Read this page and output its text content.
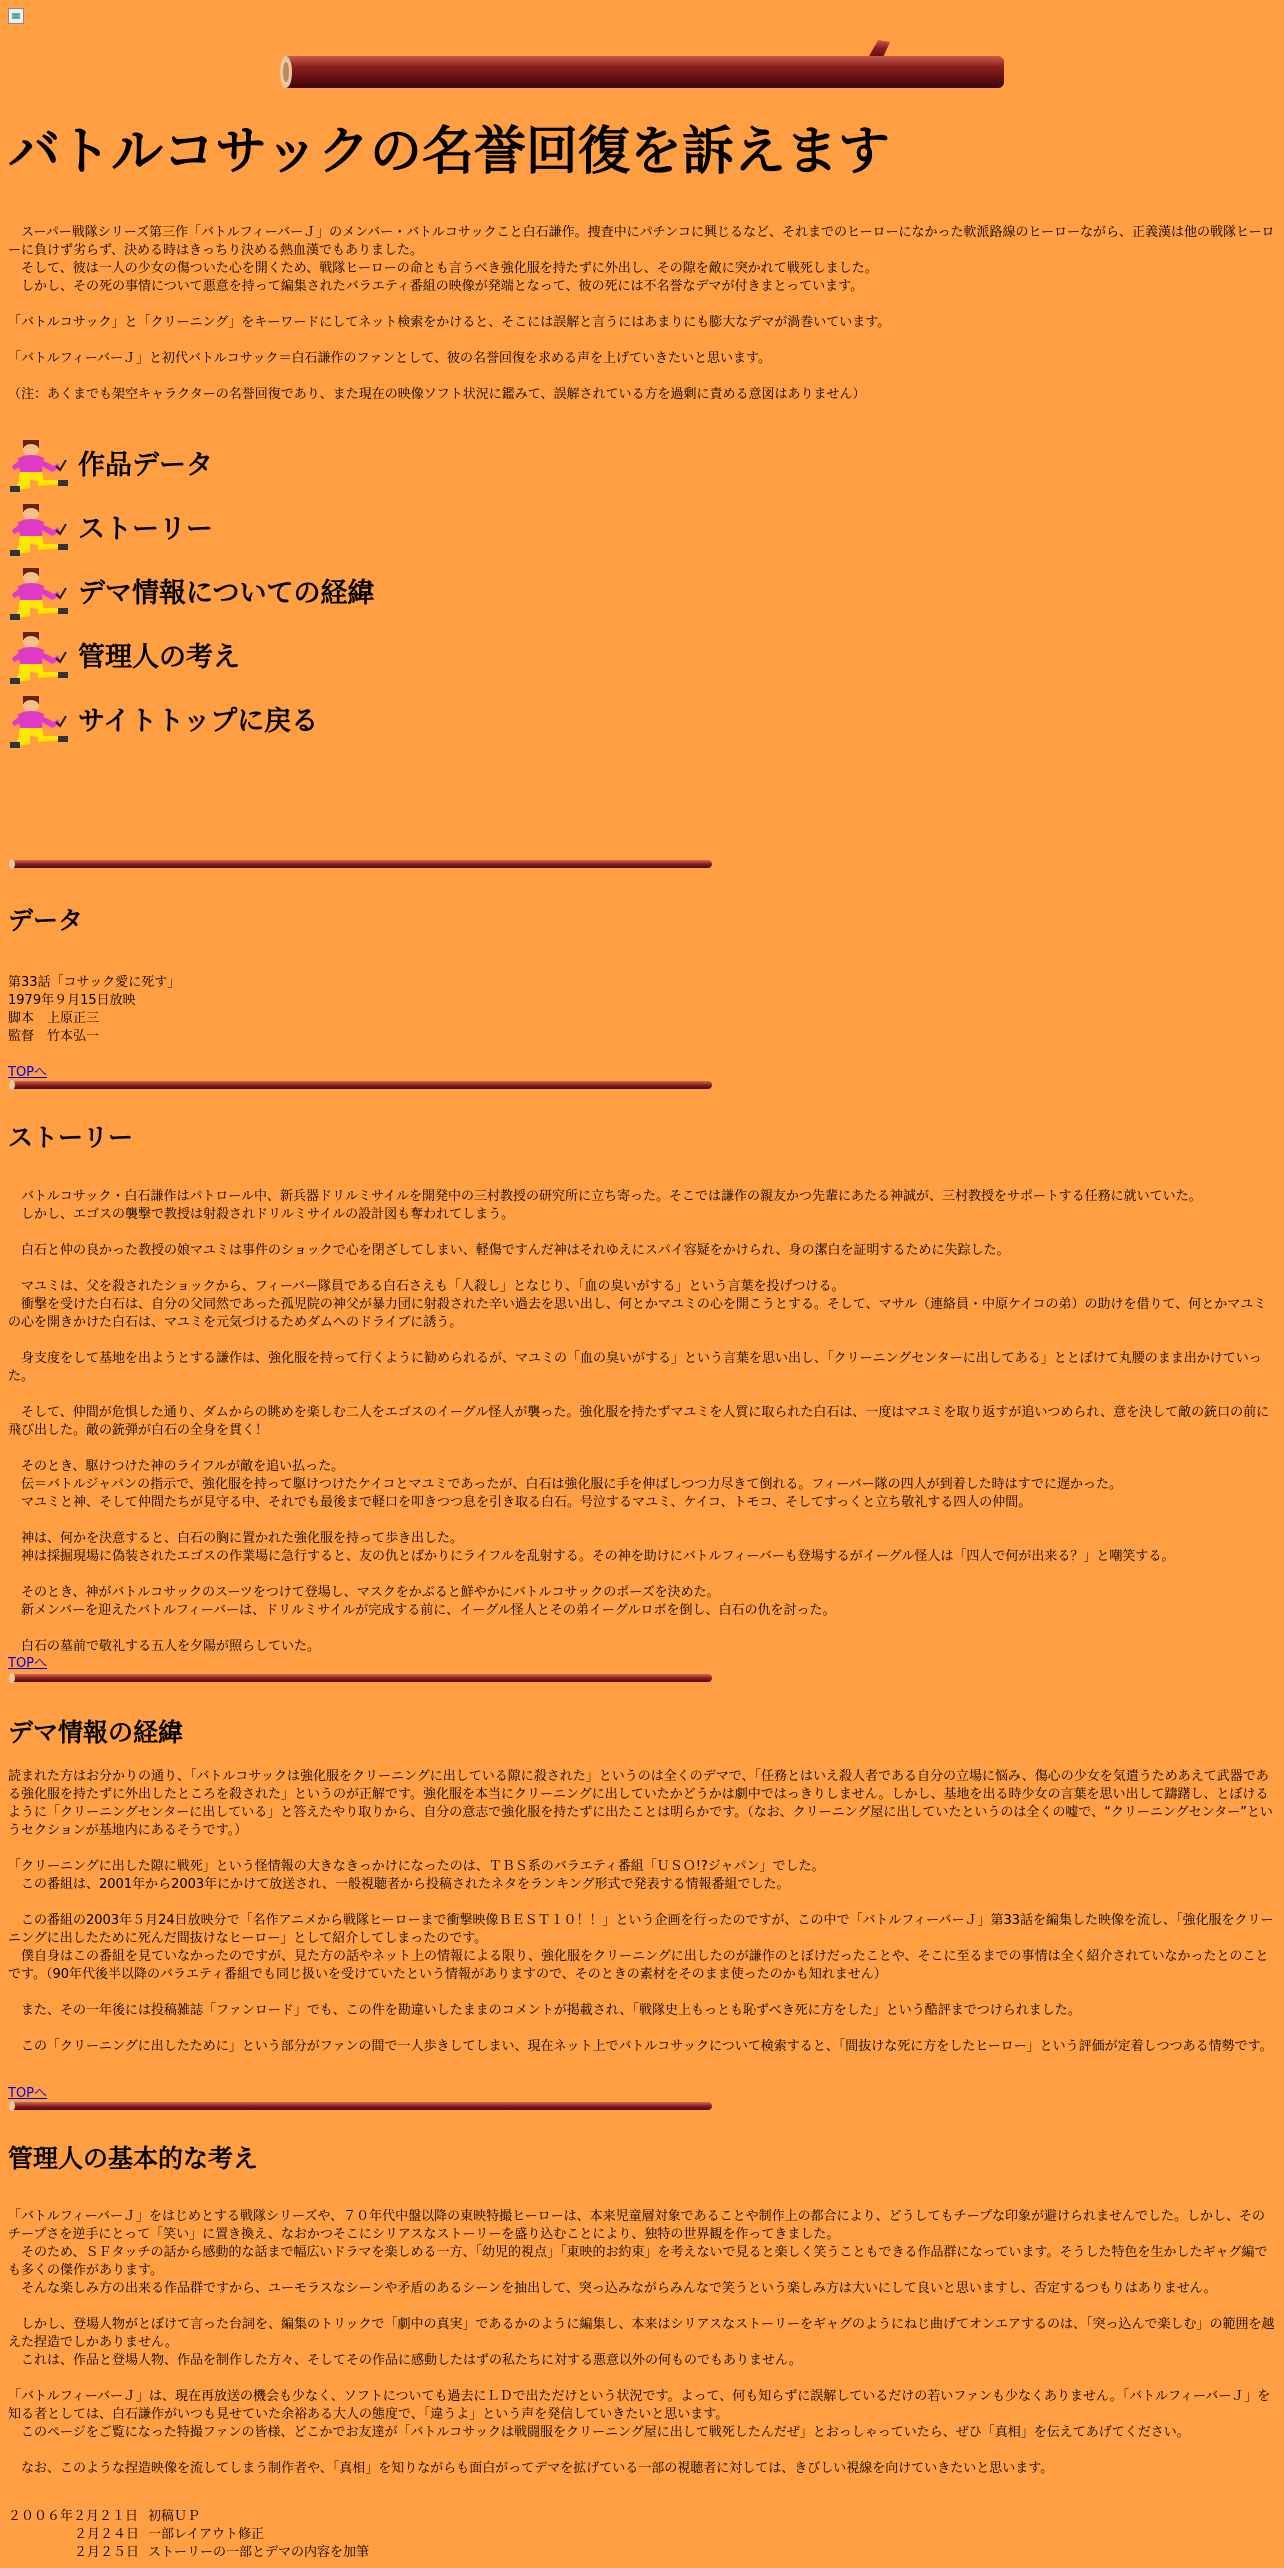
バトルコサックの名誉回復を訴えます

　スーパー戦隊シリーズ第三作「バトルフィーバーＪ」のメンバー・バトルコサックこと白石謙作。捜査中にパチンコに興じるなど、それまでのヒーローになかった軟派路線のヒーローながら、正義漢は他の戦隊ヒーローに負けず劣らず、決める時はきっちり決める熱血漢でもありました。
　そして、彼は一人の少女の傷ついた心を開くため、戦隊ヒーローの命とも言うべき強化服を持たずに外出し、その隙を敵に突かれて戦死しました。
　しかし、その死の事情について悪意を持って編集されたバラエティ番組の映像が発端となって、彼の死には不名誉なデマが付きまとっています。

「バトルコサック」と「クリーニング」をキーワードにしてネット検索をかけると、そこには誤解と言うにはあまりにも膨大なデマが渦巻いています。

「バトルフィーバーＪ」と初代バトルコサック＝白石謙作のファンとして、彼の名誉回復を求める声を上げていきたいと思います。

（注：あくまでも架空キャラクターの名誉回復であり、また現在の映像ソフト状況に鑑みて、誤解されている方を過剰に責める意図はありません）

作品データ
ストーリー
デマ情報についての経緯
管理人の考え
サイトトップに戻る
データ
第33話「コサック愛に死す」
1979年９月15日放映
脚本　上原正三
監督　竹本弘一
TOPへ
ストーリー

　バトルコサック・白石謙作はパトロール中、新兵器ドリルミサイルを開発中の三村教授の研究所に立ち寄った。そこでは謙作の親友かつ先輩にあたる神誠が、三村教授をサポートする任務に就いていた。
　しかし、エゴスの襲撃で教授は射殺されドリルミサイルの設計図も奪われてしまう。

　白石と仲の良かった教授の娘マユミは事件のショックで心を閉ざしてしまい、軽傷ですんだ神はそれゆえにスパイ容疑をかけられ、身の潔白を証明するために失踪した。

　マユミは、父を殺されたショックから、フィーバー隊員である白石さえも「人殺し」となじり、「血の臭いがする」という言葉を投げつける。
　衝撃を受けた白石は、自分の父同然であった孤児院の神父が暴力団に射殺された辛い過去を思い出し、何とかマユミの心を開こうとする。そして、マサル（連絡員・中原ケイコの弟）の助けを借りて、何とかマユミの心を開きかけた白石は、マユミを元気づけるためダムへのドライブに誘う。

　身支度をして基地を出ようとする謙作は、強化服を持って行くように勧められるが、マユミの「血の臭いがする」という言葉を思い出し、「クリーニングセンターに出してある」ととぼけて丸腰のまま出かけていった。

　そして、仲間が危惧した通り、ダムからの眺めを楽しむ二人をエゴスのイーグル怪人が襲った。強化服を持たずマユミを人質に取られた白石は、一度はマユミを取り返すが追いつめられ、意を決して敵の銃口の前に飛び出した。敵の銃弾が白石の全身を貫く！

　そのとき、駆けつけた神のライフルが敵を追い払った。
　伝＝バトルジャパンの指示で、強化服を持って駆けつけたケイコとマユミであったが、白石は強化服に手を伸ばしつつ力尽きて倒れる。フィーバー隊の四人が到着した時はすでに遅かった。
　マユミと神、そして仲間たちが見守る中、それでも最後まで軽口を叩きつつ息を引き取る白石。号泣するマユミ、ケイコ、トモコ、そしてすっくと立ち敬礼する四人の仲間。

　神は、何かを決意すると、白石の胸に置かれた強化服を持って歩き出した。
　神は採掘現場に偽装されたエゴスの作業場に急行すると、友の仇とばかりにライフルを乱射する。その神を助けにバトルフィーバーも登場するがイーグル怪人は「四人で何が出来る？」と嘲笑する。

　そのとき、神がバトルコサックのスーツをつけて登場し、マスクをかぶると鮮やかにバトルコサックのポーズを決めた。
　新メンバーを迎えたバトルフィーバーは、ドリルミサイルが完成する前に、イーグル怪人とその弟イーグルロボを倒し、白石の仇を討った。

　白石の墓前で敬礼する五人を夕陽が照らしていた。

TOPへ
デマ情報の経緯

読まれた方はお分かりの通り、「バトルコサックは強化服をクリーニングに出している隙に殺された」というのは全くのデマで、「任務とはいえ殺人者である自分の立場に悩み、傷心の少女を気遣うためあえて武器である強化服を持たずに外出したところを殺された」というのが正解です。強化服を本当にクリーニングに出していたかどうかは劇中ではっきりしません。しかし、基地を出る時少女の言葉を思い出して躊躇し、とぼけるように「クリーニングセンターに出している」と答えたやり取りから、自分の意志で強化服を持たずに出たことは明らかです。（なお、クリーニング屋に出していたというのは全くの嘘で、“クリーニングセンター”というセクションが基地内にあるそうです。）

「クリーニングに出した隙に戦死」という怪情報の大きなきっかけになったのは、ＴＢＳ系のバラエティ番組「ＵＳＯ!?ジャパン」でした。
　この番組は、2001年から2003年にかけて放送され、一般視聴者から投稿されたネタをランキング形式で発表する情報番組でした。

　この番組の2003年５月24日放映分で「名作アニメから戦隊ヒーローまで衝撃映像ＢＥＳＴ１０！！」という企画を行ったのですが、この中で「バトルフィーバーＪ」第33話を編集した映像を流し、「強化服をクリーニングに出したために死んだ間抜けなヒーロー」として紹介してしまったのです。
　僕自身はこの番組を見ていなかったのですが、見た方の話やネット上の情報による限り、強化服をクリーニングに出したのが謙作のとぼけだったことや、そこに至るまでの事情は全く紹介されていなかったとのことです。（90年代後半以降のバラエティ番組でも同じ扱いを受けていたという情報がありますので、そのときの素材をそのまま使ったのかも知れません）

　また、その一年後には投稿雑誌「ファンロード」でも、この件を勘違いしたままのコメントが掲載され、「戦隊史上もっとも恥ずべき死に方をした」という酷評までつけられました。

　この「クリーニングに出したために」という部分がファンの間で一人歩きしてしまい、現在ネット上でバトルコサックについて検索すると、「間抜けな死に方をしたヒーロー」という評価が定着しつつある情勢です。

TOPへ
管理人の基本的な考え

「バトルフィーバーＪ」をはじめとする戦隊シリーズや、７０年代中盤以降の東映特撮ヒーローは、本来児童層対象であることや制作上の都合により、どうしてもチープな印象が避けられませんでした。しかし、そのチープさを逆手にとって「笑い」に置き換え、なおかつそこにシリアスなストーリーを盛り込むことにより、独特の世界観を作ってきました。
　そのため、ＳＦタッチの話から感動的な話まで幅広いドラマを楽しめる一方、「幼児的視点」「東映的お約束」を考えないで見ると楽しく笑うこともできる作品群になっています。そうした特色を生かしたギャグ編でも多くの傑作があります。
　そんな楽しみ方の出来る作品群ですから、ユーモラスなシーンや矛盾のあるシーンを抽出して、突っ込みながらみんなで笑うという楽しみ方は大いにして良いと思いますし、否定するつもりはありません。

　しかし、登場人物がとぼけて言った台詞を、編集のトリックで「劇中の真実」であるかのように編集し、本来はシリアスなストーリーをギャグのようにねじ曲げてオンエアするのは、「突っ込んで楽しむ」の範囲を越えた捏造でしかありません。
　これは、作品と登場人物、作品を制作した方々、そしてその作品に感動したはずの私たちに対する悪意以外の何ものでもありません。

「バトルフィーバーＪ」は、現在再放送の機会も少なく、ソフトについても過去にＬＤで出ただけという状況です。よって、何も知らずに誤解しているだけの若いファンも少なくありません。「バトルフィーバーＪ」を知る者としては、白石謙作がいつも見せていた余裕ある大人の態度で、「違うよ」という声を発信していきたいと思います。
　このページをご覧になった特撮ファンの皆様、どこかでお友達が「バトルコサックは戦闘服をクリーニング屋に出して戦死したんだぜ」とおっしゃっていたら、ぜひ「真相」を伝えてあげてください。

　なお、このような捏造映像を流してしまう制作者や、「真相」を知りながらも面白がってデマを拡げている一部の視聴者に対しては、きびしい視線を向けていきたいと思います。

２００６年２月２１日 初稿ＵＰ
２月２４日 一部レイアウト修正
２月２５日 ストーリーの一部とデマの内容を加筆
